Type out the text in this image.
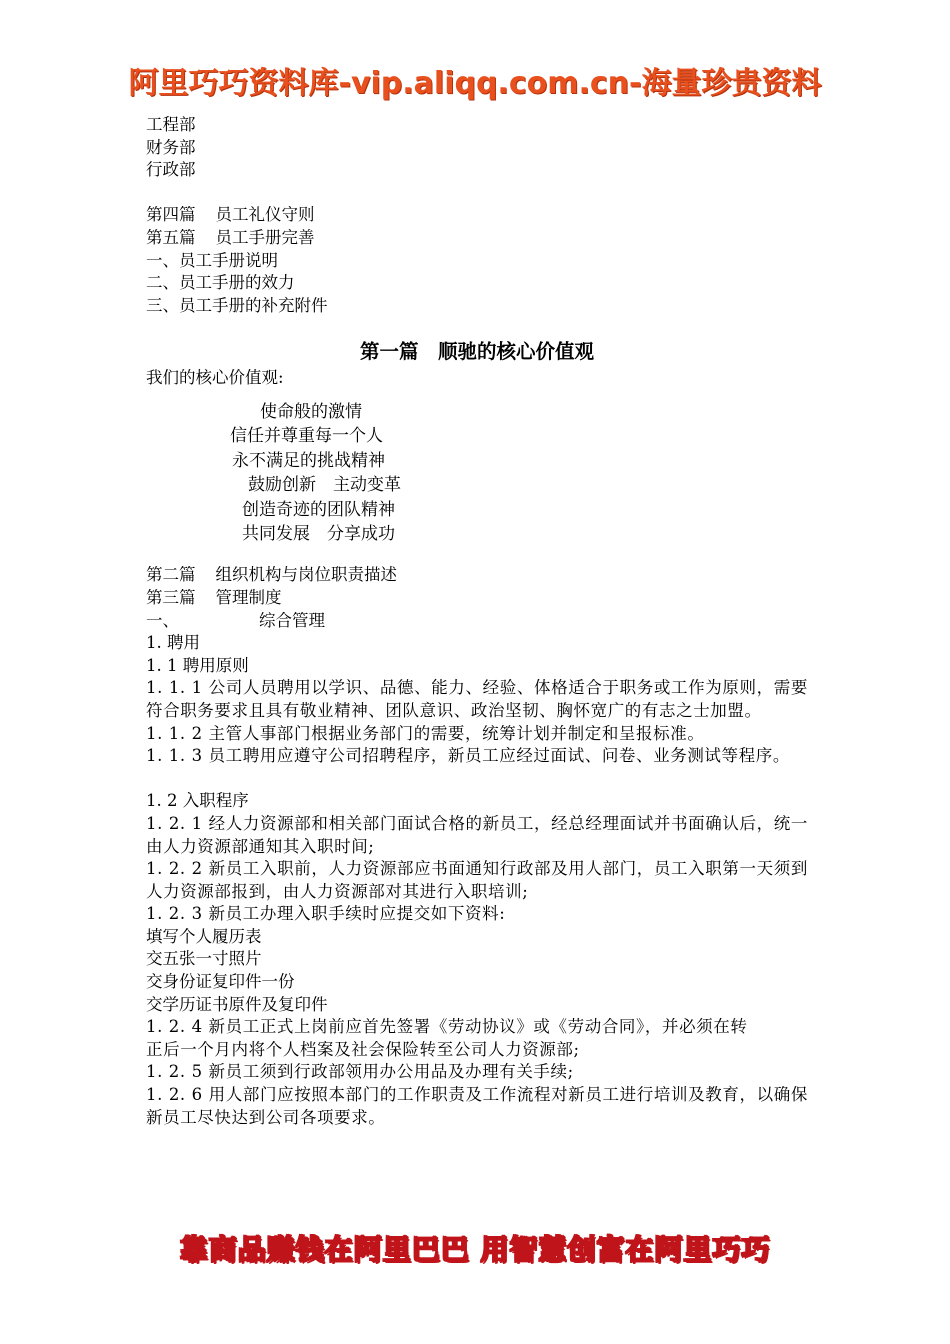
阿里巧巧资料库-vip.aliqq.com.cn-海量珍贵资料
工程部
财务部
行政部
第四篇 员工礼仪守则
第五篇 员工手册完善
一、员工手册说明
二、员工手册的效力
三、员工手册的补充附件
第一篇　顺驰的核心价值观
我们的核心价值观:
使命般的激情
信任并尊重每一个人
永不满足的挑战精神
鼓励创新　主动变革
创造奇迹的团队精神
共同发展　分享成功
第二篇 组织机构与岗位职责描述
第三篇 管理制度
一、	综合管理
1. 聘用
1. 1 聘用原则
1. 1. 1 公司人员聘用以学识、品德、能力、经验、体格适合于职务或工作为原则，需要符合职务要求且具有敬业精神、团队意识、政治坚韧、胸怀宽广的有志之士加盟。
1. 1. 2 主管人事部门根据业务部门的需要，统筹计划并制定和呈报标准。
1. 1. 3 员工聘用应遵守公司招聘程序，新员工应经过面试、问卷、业务测试等程序。
1. 2 入职程序
1. 2. 1 经人力资源部和相关部门面试合格的新员工，经总经理面试并书面确认后，统一由人力资源部通知其入职时间;
1. 2. 2 新员工入职前，人力资源部应书面通知行政部及用人部门，员工入职第一天须到人力资源部报到，由人力资源部对其进行入职培训;
1. 2. 3 新员工办理入职手续时应提交如下资料:
填写个人履历表
交五张一寸照片
交身份证复印件一份
交学历证书原件及复印件
1. 2. 4 新员工正式上岗前应首先签署《劳动协议》或《劳动合同》，并必须在转
正后一个月内将个人档案及社会保险转至公司人力资源部;
1. 2. 5 新员工须到行政部领用办公用品及办理有关手续;
1. 2. 6 用人部门应按照本部门的工作职责及工作流程对新员工进行培训及教育，以确保新员工尽快达到公司各项要求。
靠商品赚钱在阿里巴巴 用智慧创富在阿里巧巧
